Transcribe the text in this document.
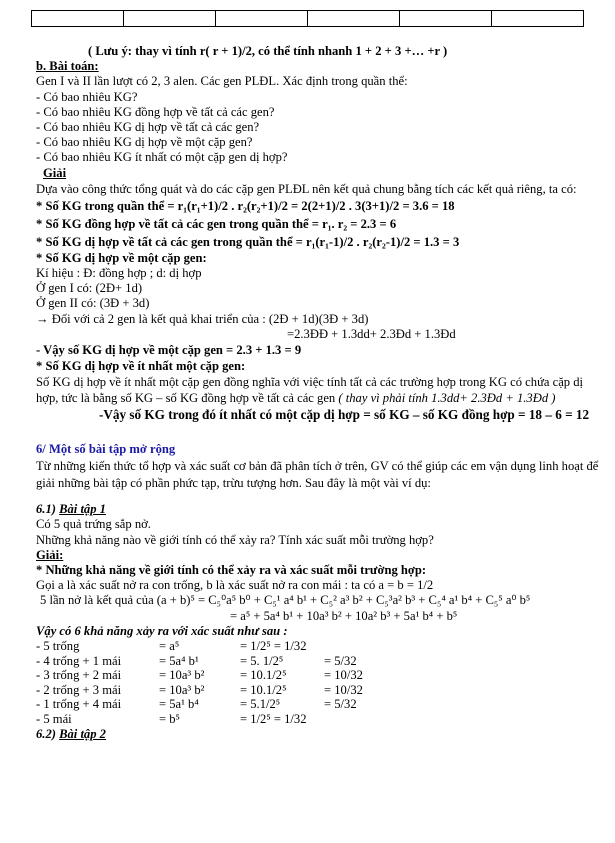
( Lưu ý: thay vì tính r( r + 1)/2, có thể tính nhanh 1 + 2 + 3 +… +r )
b. Bài toán:
Gen I và II lần lượt có 2, 3 alen. Các gen PLĐL. Xác định trong quần thể:
- Có bao nhiêu KG?
- Có bao nhiêu KG đồng hợp về tất cả các gen?
- Có bao nhiêu KG dị hợp về tất cả các gen?
- Có bao nhiêu KG dị hợp về một cặp gen?
- Có bao nhiêu KG ít nhất có một cặp gen dị hợp?
Giải
Dựa vào công thức tổng quát và do các cặp gen PLĐL nên kết quả chung bằng tích các kết quả riêng, ta có:
* Số KG trong quần thể = r₁(r₁+1)/2 . r₂(r₂+1)/2 = 2(2+1)/2 . 3(3+1)/2 = 3.6 = 18
* Số KG đồng hợp về tất cả các gen trong quần thể = r₁. r₂ = 2.3 = 6
* Số KG dị hợp về tất cả các gen trong quần thể = r₁(r₁-1)/2 . r₂(r₂-1)/2 = 1.3 = 3
* Số KG dị hợp về một cặp gen:
Kí hiệu : Đ: đồng hợp ; d: dị hợp
Ở gen I có: (2Đ+ 1d)
Ở gen II có: (3Đ + 3d)
→ Đối với cả 2 gen là kết quả khai triển của : (2Đ + 1d)(3Đ + 3d)
=2.3ĐĐ + 1.3dd+ 2.3Đd + 1.3Đd
- Vậy số KG dị hợp về một cặp gen = 2.3 + 1.3 = 9
* Số KG dị hợp về ít nhất một cặp gen:
Số KG dị hợp về ít nhất một cặp gen đồng nghĩa với việc tính tất cả các trường hợp trong KG có chứa cặp dị hợp, tức là bằng số KG – số KG đồng hợp về tất cả các gen ( thay vì phải tính 1.3dd+ 2.3Đd + 1.3Đd )
-Vậy số KG trong đó ít nhất có một cặp dị hợp = số KG – số KG đồng hợp = 18 – 6 = 12
6/ Một số bài tập mở rộng
Từ những kiến thức tổ hợp và xác suất cơ bản đã phân tích ở trên, GV có thể giúp các em vận dụng linh hoạt để giải những bài tập có phần phức tạp, trừu tượng hơn. Sau đây là một vài ví dụ:
6.1) Bài tập 1
Có 5 quả trứng sắp nở.
Những khả năng nào về giới tính có thể xảy ra? Tính xác suất mỗi trường hợp?
Giải:
* Những khả năng về giới tính có thể xảy ra và xác suất mỗi trường hợp:
Gọi a là xác suất nở ra con trống, b là xác suất nở ra con mái : ta có a = b = 1/2
5 lần nở là kết quả của (a + b)⁵ = C₅⁰a⁵ b⁰ + C₅¹ a⁴ b¹ + C₅² a³ b² + C₅³a² b³ + C₅⁴ a¹ b⁴ + C₅⁵ a⁰ b⁵
= a⁵ + 5a⁴ b¹ + 10a³ b² + 10a² b³ + 5a¹ b⁴ + b⁵
Vậy có 6 khả năng xảy ra với xác suất như sau :
- 5 trống	= a⁵	= 1/2⁵ = 1/32
- 4 trống + 1 mái	= 5a⁴ b¹	= 5. 1/2⁵	= 5/32
- 3 trống + 2 mái	= 10a³ b²	= 10.1/2⁵	= 10/32
- 2 trống + 3 mái	= 10a³ b²	= 10.1/2⁵	= 10/32
- 1 trống + 4 mái	= 5a¹ b⁴	= 5.1/2⁵	= 5/32
- 5 mái	= b⁵	= 1/2⁵ = 1/32
6.2) Bài tập 2
